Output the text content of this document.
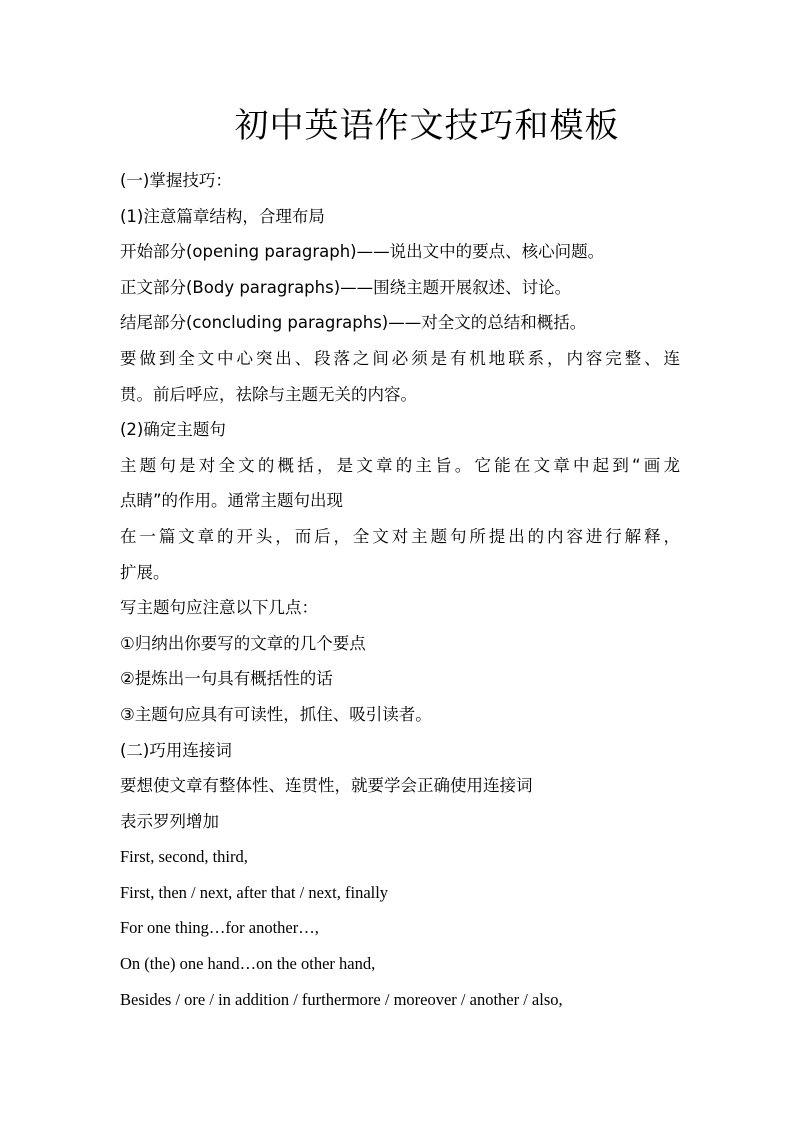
初中英语作文技巧和模板
(一)掌握技巧：
(1)注意篇章结构，合理布局
开始部分(opening paragraph)——说出文中的要点、核心问题。
正文部分(Body paragraphs)——围绕主题开展叙述、讨论。
结尾部分(concluding paragraphs)——对全文的总结和概括。
要做到全文中心突出、段落之间必须是有机地联系，内容完整、连
贯。前后呼应，祛除与主题无关的内容。
(2)确定主题句
主题句是对全文的概括，是文章的主旨。它能在文章中起到“画龙
点睛”的作用。通常主题句出现
在一篇文章的开头，而后，全文对主题句所提出的内容进行解释，
扩展。
写主题句应注意以下几点：
①归纳出你要写的文章的几个要点
②提炼出一句具有概括性的话
③主题句应具有可读性，抓住、吸引读者。
(二)巧用连接词
要想使文章有整体性、连贯性，就要学会正确使用连接词
表示罗列增加
First, second, third,
First, then / next, after that / next, finally
For one thing…for another…,
On (the) one hand…on the other hand,
Besides / ore / in addition / furthermore / moreover / another / also,
